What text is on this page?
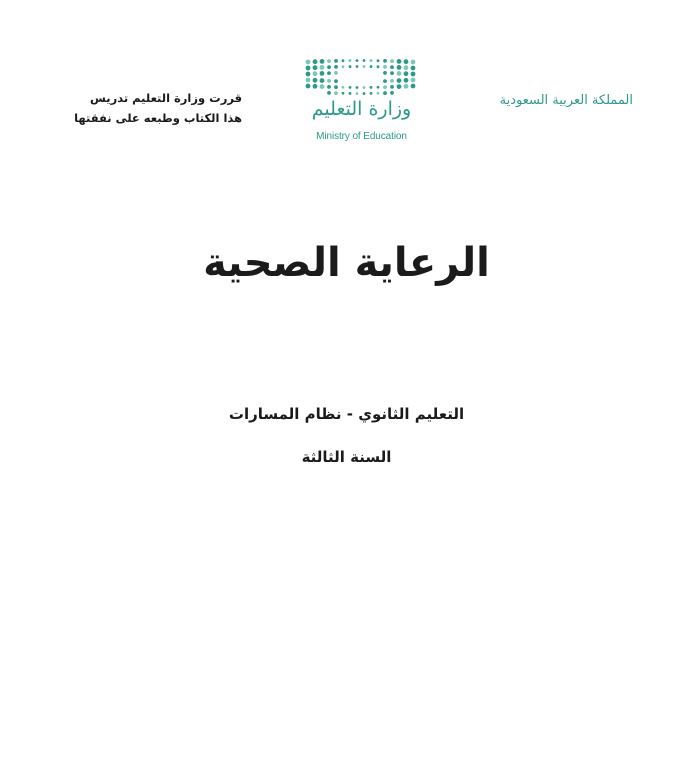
المملكة العربية السعودية
وزارة التعليم
Ministry of Education
قررت وزارة التعليم تدريس
هذا الكتاب وطبعه على نفقتها
الرعاية الصحية
التعليم الثانوي - نظام المسارات
السنة الثالثة
